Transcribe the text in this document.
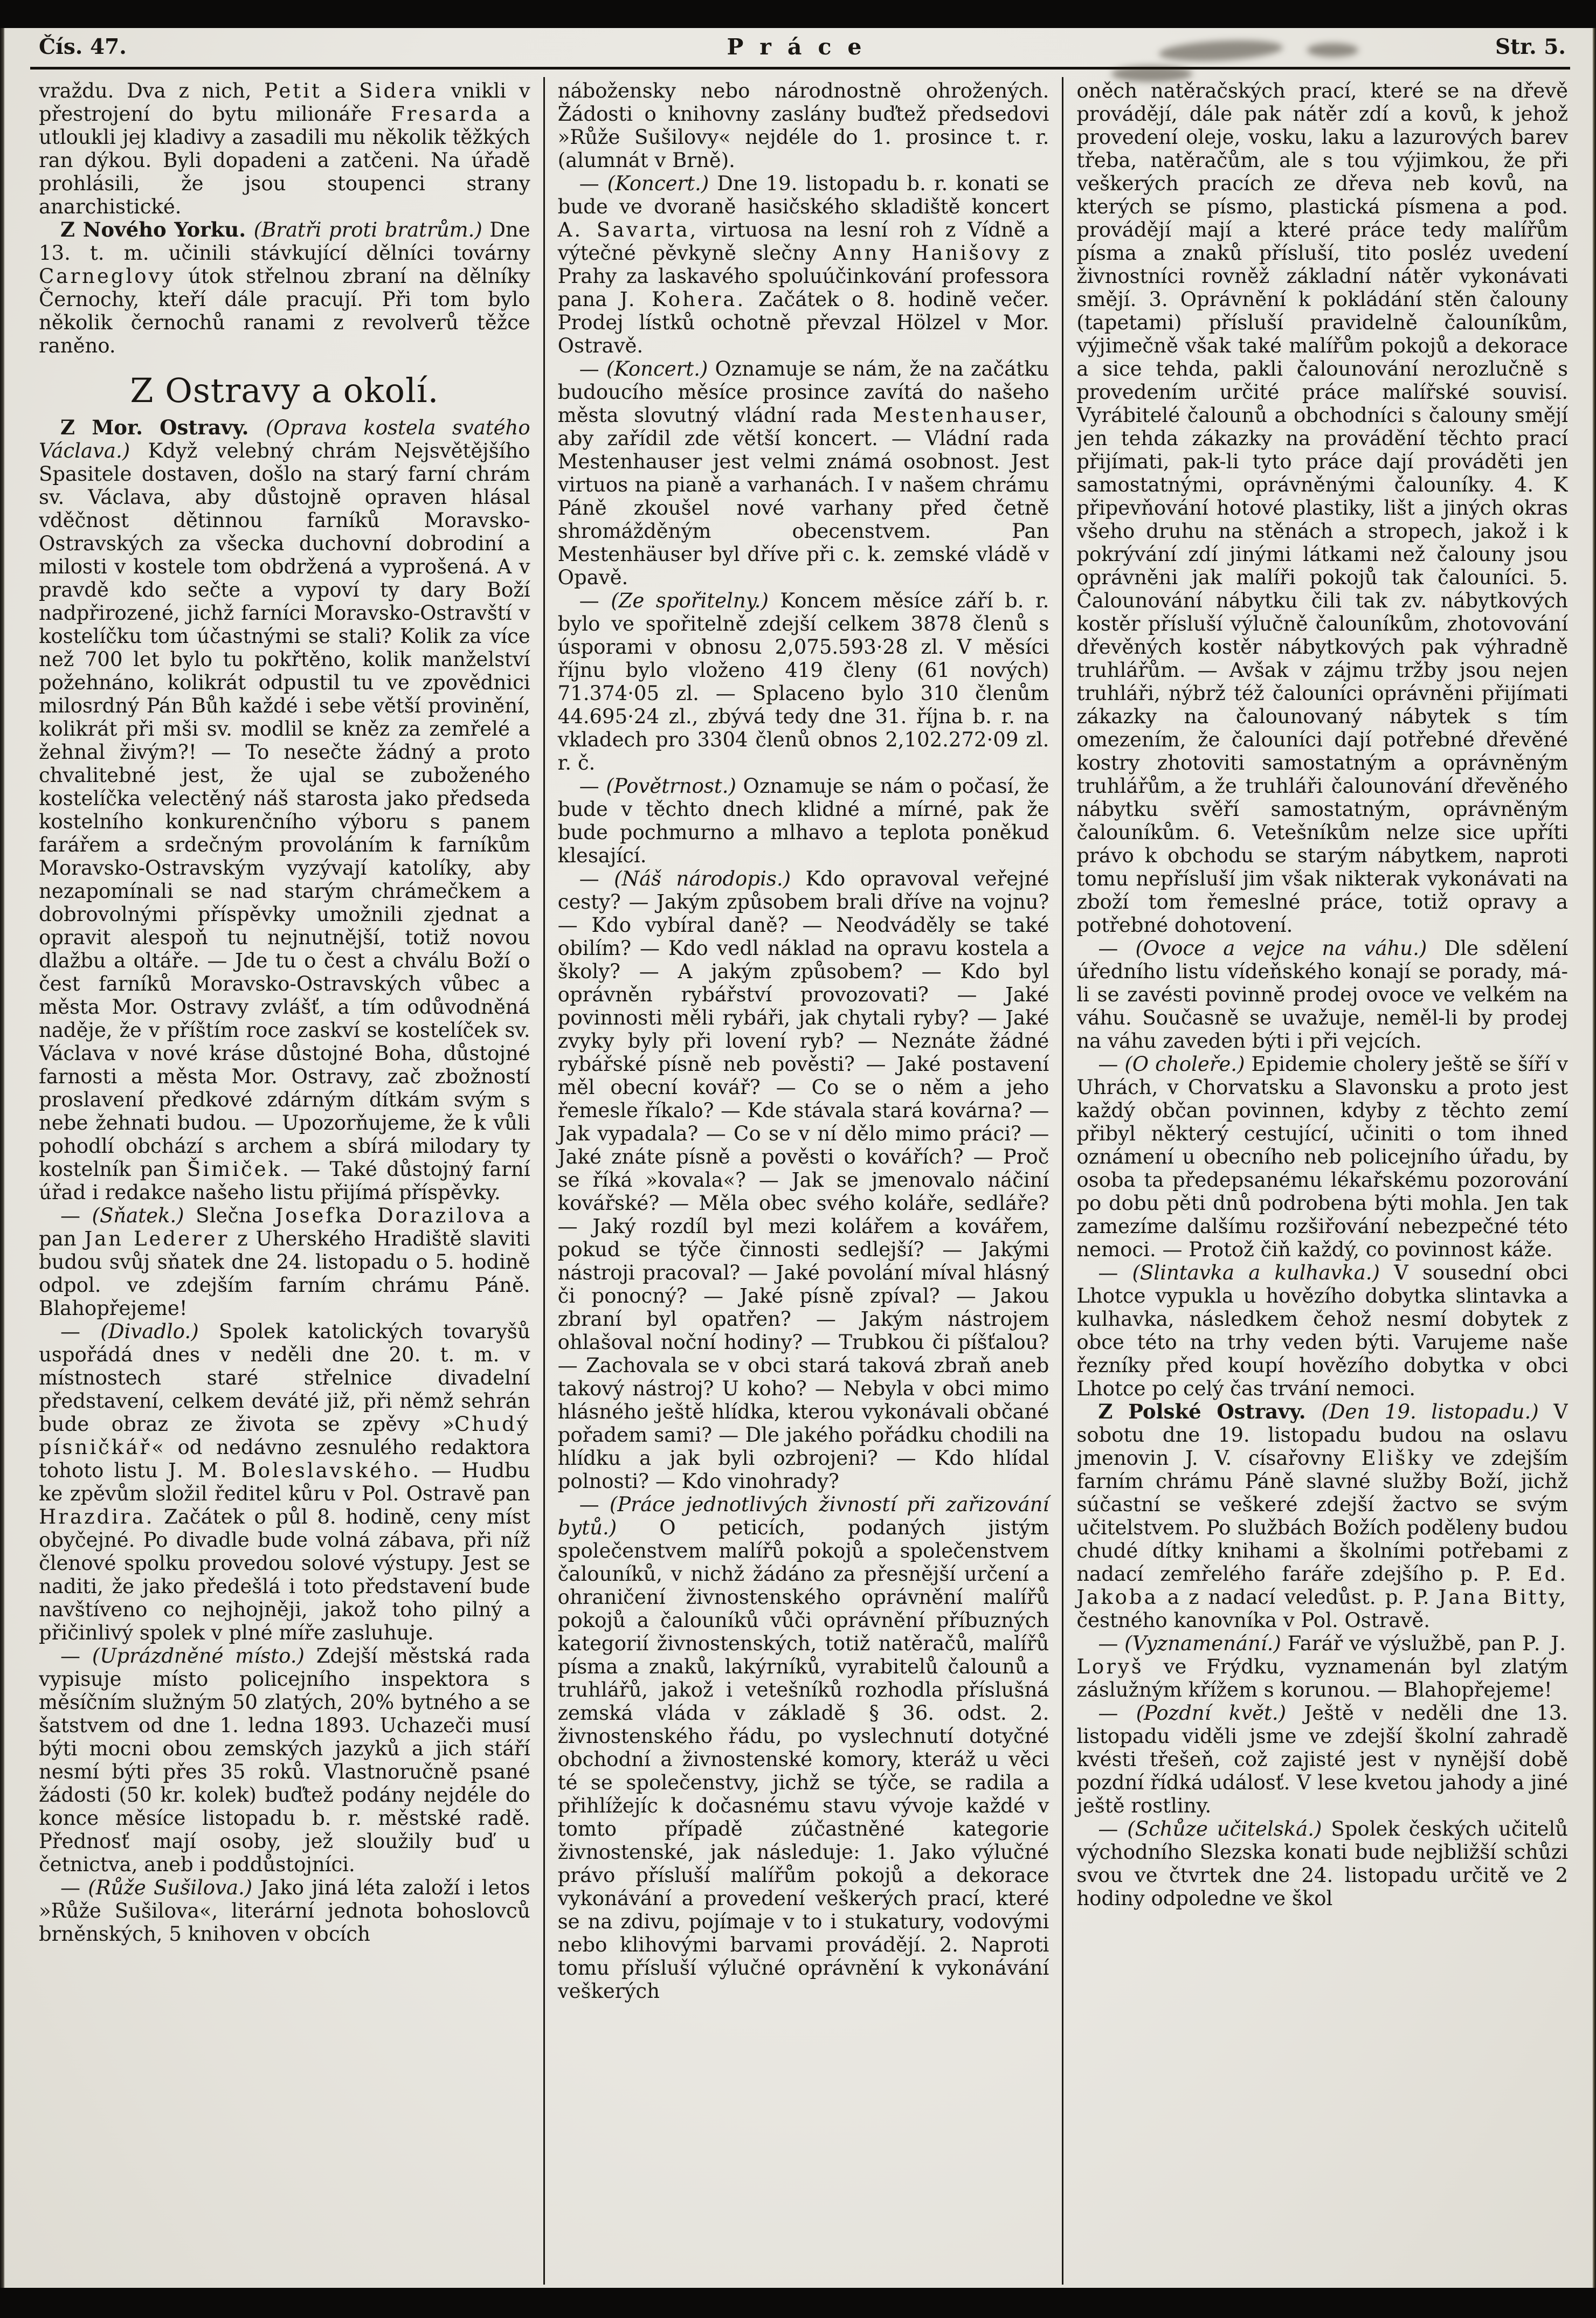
Čís. 47.	Práce	Str. 5.

vraždu. Dva z nich, Petit a Sidera vnikli v přestrojení do bytu milionáře Fresarda a utloukli jej kladivy a zasadili mu několik těžkých ran dýkou. Byli dopadeni a zatčeni. Na úřadě prohlásili, že jsou stoupenci strany anarchistické.

Z Nového Yorku. (Bratři proti bratrům.) Dne 13. t. m. učinili stávkující dělníci továrny Carneglovy útok střelnou zbraní na dělníky Černochy, kteří dále pracují. Při tom bylo několik černochů ranami z revolverů těžce raněno.

Z Ostravy a okolí.

Z Mor. Ostravy. (Oprava kostela svatého Václava.) Když velebný chrám Nejsvětějšího Spasitele dostaven, došlo na starý farní chrám sv. Václava, aby důstojně opraven hlásal vděčnost dětinnou farníků Moravsko-Ostravských za všecka duchovní dobrodiní a milosti v kostele tom obdržená a vyprošená. A v pravdě kdo sečte a vypoví ty dary Boží nadpřirozené, jichž farníci Moravsko-Ostravští v kostelíčku tom účastnými se stali? Kolik za více než 700 let bylo tu pokřtěno, kolik manželství požehnáno, kolikrát odpustil tu ve zpovědnici milosrdný Pán Bůh každé i sebe větší provinění, kolikrát při mši sv. modlil se kněz za zemřelé a žehnal živým?! — To nesečte žádný a proto chvalitebné jest, že ujal se zuboženého kostelíčka velectěný náš starosta jako předseda kostelního konkurenčního výboru s panem farářem a srdečným provoláním k farníkům Moravsko-Ostravským vyzývají katolíky, aby nezapomínali se nad starým chrámečkem a dobrovolnými příspěvky umožnili zjednat a opravit alespoň tu nejnutnější, totiž novou dlažbu a oltáře. — Jde tu o čest a chválu Boží o čest farníků Moravsko-Ostravských vůbec a města Mor. Ostravy zvlášť, a tím odůvodněná naděje, že v příštím roce zaskví se kostelíček sv. Václava v nové kráse důstojné Boha, důstojné farnosti a města Mor. Ostravy, zač zbožností proslavení předkové zdárným dítkám svým s nebe žehnati budou. — Upozorňujeme, že k vůli pohodlí obchází s archem a sbírá milodary ty kostelník pan Šimiček. — Také důstojný farní úřad i redakce našeho listu přijímá příspěvky.

— (Sňatek.) Slečna Josefka Dorazilova a pan Jan Lederer z Uherského Hradiště slaviti budou svůj sňatek dne 24. listopadu o 5. hodině odpol. ve zdejším farním chrámu Páně. Blahopřejeme!

— (Divadlo.) Spolek katolických tovaryšů uspořádá dnes v neděli dne 20. t. m. v místnostech staré střelnice divadelní představení, celkem deváté již, při němž sehrán bude obraz ze života se zpěvy »Chudý písničkář« od nedávno zesnulého redaktora tohoto listu J. M. Boleslavského. — Hudbu ke zpěvům složil ředitel kůru v Pol. Ostravě pan Hrazdira. Začátek o půl 8. hodině, ceny míst obyčejné. Po divadle bude volná zábava, při níž členové spolku provedou solové výstupy. Jest se naditi, že jako předešlá i toto představení bude navštíveno co nejhojněji, jakož toho pilný a přičinlivý spolek v plné míře zasluhuje.

— (Uprázdněné místo.) Zdejší městská rada vypisuje místo policejního inspektora s měsíčním služným 50 zlatých, 20% bytného a se šatstvem od dne 1. ledna 1893. Uchazeči musí býti mocni obou zemských jazyků a jich stáří nesmí býti přes 35 roků. Vlastnoručně psané žádosti (50 kr. kolek) buďtež podány nejdéle do konce měsíce listopadu b. r. městské radě. Přednosť mají osoby, jež sloužily buď u četnictva, aneb i poddůstojníci.

— (Růže Sušilova.) Jako jiná léta založí i letos »Růže Sušilova«, literární jednota bohoslovců brněnských, 5 knihoven v obcích

nábožensky nebo národnostně ohrožených. Žádosti o knihovny zaslány buďtež předsedovi »Růže Sušilovy« nejdéle do 1. prosince t. r. (alumnát v Brně).

— (Koncert.) Dne 19. listopadu b. r. konati se bude ve dvoraně hasičského skladiště koncert A. Savarta, virtuosa na lesní roh z Vídně a výtečné pěvkyně slečny Anny Hanišovy z Prahy za laskavého spoluúčinkování professora pana J. Kohera. Začátek o 8. hodině večer. Prodej lístků ochotně převzal Hölzel v Mor. Ostravě.

— (Koncert.) Oznamuje se nám, že na začátku budoucího měsíce prosince zavítá do našeho města slovutný vládní rada Mestenhauser, aby zařídil zde větší koncert. — Vládní rada Mestenhauser jest velmi známá osobnost. Jest virtuos na pianě a varhanách. I v našem chrámu Páně zkoušel nové varhany před četně shromážděným obecenstvem. Pan Mestenhäuser byl dříve při c. k. zemské vládě v Opavě.

— (Ze spořitelny.) Koncem měsíce září b. r. bylo ve spořitelně zdejší celkem 3878 členů s úsporami v obnosu 2,075.593·28 zl. V měsíci říjnu bylo vloženo 419 členy (61 nových) 71.374·05 zl. — Splaceno bylo 310 členům 44.695·24 zl., zbývá tedy dne 31. října b. r. na vkladech pro 3304 členů obnos 2,102.272·09 zl. r. č.

— (Povětrnost.) Oznamuje se nám o počasí, že bude v těchto dnech klidné a mírné, pak že bude pochmurno a mlhavo a teplota poněkud klesající.

— (Náš národopis.) Kdo opravoval veřejné cesty? — Jakým způsobem brali dříve na vojnu? — Kdo vybíral daně? — Neodváděly se také obilím? — Kdo vedl náklad na opravu kostela a školy? — A jakým způsobem? — Kdo byl oprávněn rybářství provozovati? — Jaké povinnosti měli rybáři, jak chytali ryby? — Jaké zvyky byly při lovení ryb? — Neznáte žádné rybářské písně neb pověsti? — Jaké postavení měl obecní kovář? — Co se o něm a jeho řemesle říkalo? — Kde stávala stará kovárna? — Jak vypadala? — Co se v ní dělo mimo práci? — Jaké znáte písně a pověsti o kovářích? — Proč se říká »kovala«? — Jak se jmenovalo náčiní kovářské? — Měla obec svého koláře, sedláře? — Jaký rozdíl byl mezi kolářem a kovářem, pokud se týče činnosti sedlejší? — Jakými nástroji pracoval? — Jaké povolání míval hlásný či ponocný? — Jaké písně zpíval? — Jakou zbraní byl opatřen? — Jakým nástrojem ohlašoval noční hodiny? — Trubkou či píšťalou? — Zachovala se v obci stará taková zbraň aneb takový nástroj? U koho? — Nebyla v obci mimo hlásného ještě hlídka, kterou vykonávali občané pořadem sami? — Dle jakého pořádku chodili na hlídku a jak byli ozbrojeni? — Kdo hlídal polnosti? — Kdo vinohrady?

— (Práce jednotlivých živností při zařizování bytů.) O peticích, podaných jistým společenstvem malířů pokojů a společenstvem čalouníků, v nichž žádáno za přesnější určení a ohraničení živnostenského oprávnění malířů pokojů a čalouníků vůči oprávnění příbuzných kategorií živnostenských, totiž natěračů, malířů písma a znaků, lakýrníků, vyrabitelů čalounů a truhlářů, jakož i vetešníků rozhodla příslušná zemská vláda v základě § 36. odst. 2. živnostenského řádu, po vyslechnutí dotyčné obchodní a živnostenské komory, kteráž u věci té se společenstvy, jichž se týče, se radila a přihlížejíc k dočasnému stavu vývoje každé v tomto případě zúčastněné kategorie živnostenské, jak následuje: 1. Jako výlučné právo přísluší malířům pokojů a dekorace vykonávání a provedení veškerých prací, které se na zdivu, pojímaje v to i stukatury, vodovými nebo klihovými barvami provádějí. 2. Naproti tomu přísluší výlučné oprávnění k vykonávání veškerých

oněch natěračských prací, které se na dřevě provádějí, dále pak nátěr zdí a kovů, k jehož provedení oleje, vosku, laku a lazurových barev třeba, natěračům, ale s tou výjimkou, že při veškerých pracích ze dřeva neb kovů, na kterých se písmo, plastická písmena a pod. provádějí mají a které práce tedy malířům písma a znaků přísluší, tito posléz uvedení živnostníci rovněž základní nátěr vykonávati smějí. 3. Oprávnění k pokládání stěn čalouny (tapetami) přísluší pravidelně čalouníkům, výjimečně však také malířům pokojů a dekorace a sice tehda, pakli čalounování nerozlučně s provedením určité práce malířské souvisí. Vyrábitelé čalounů a obchodníci s čalouny smějí jen tehda zákazky na provádění těchto prací přijímati, pak-li tyto práce dají prováděti jen samostatnými, oprávněnými čalouníky. 4. K připevňování hotové plastiky, lišt a jiných okras všeho druhu na stěnách a stropech, jakož i k pokrývání zdí jinými látkami než čalouny jsou oprávněni jak malíři pokojů tak čalouníci. 5. Čalounování nábytku čili tak zv. nábytkových kostěr přísluší výlučně čalouníkům, zhotovování dřevěných kostěr nábytkových pak výhradně truhlářům. — Avšak v zájmu tržby jsou nejen truhláři, nýbrž též čalouníci oprávněni přijímati zákazky na čalounovaný nábytek s tím omezením, že čalouníci dají potřebné dřevěné kostry zhotoviti samostatným a oprávněným truhlářům, a že truhláři čalounování dřevěného nábytku svěří samostatným, oprávněným čalouníkům. 6. Vetešníkům nelze sice upříti právo k obchodu se starým nábytkem, naproti tomu nepřísluší jim však nikterak vykonávati na zboží tom řemeslné práce, totiž opravy a potřebné dohotovení.

— (Ovoce a vejce na váhu.) Dle sdělení úředního listu vídeňského konají se porady, má-li se zavésti povinně prodej ovoce ve velkém na váhu. Současně se uvažuje, neměl-li by prodej na váhu zaveden býti i při vejcích.

— (O choleře.) Epidemie cholery ještě se šíří v Uhrách, v Chorvatsku a Slavonsku a proto jest každý občan povinnen, kdyby z těchto zemí přibyl některý cestující, učiniti o tom ihned oznámení u obecního neb policejního úřadu, by osoba ta předepsanému lékařskému pozorování po dobu pěti dnů podrobena býti mohla. Jen tak zamezíme dalšímu rozšiřování nebezpečné této nemoci. — Protož čiň každý, co povinnost káže.

— (Slintavka a kulhavka.) V sousední obci Lhotce vypukla u hovězího dobytka slintavka a kulhavka, následkem čehož nesmí dobytek z obce této na trhy veden býti. Varujeme naše řezníky před koupí hovězího dobytka v obci Lhotce po celý čas trvání nemoci.

Z Polské Ostravy. (Den 19. listopadu.) V sobotu dne 19. listopadu budou na oslavu jmenovin J. V. císařovny Elišky ve zdejším farním chrámu Páně slavné služby Boží, jichž súčastní se veškeré zdejší žactvo se svým učitelstvem. Po službách Božích poděleny budou chudé dítky knihami a školními potřebami z nadací zemřelého faráře zdejšího p. P. Ed. Jakoba a z nadací veledůst. p. P. Jana Bitty, čestného kanovníka v Pol. Ostravě.

— (Vyznamenání.) Farář ve výslužbě, pan P. J. Loryš ve Frýdku, vyznamenán byl zlatým záslužným křížem s korunou. — Blahopřejeme!

— (Pozdní květ.) Ještě v neděli dne 13. listopadu viděli jsme ve zdejší školní zahradě kvésti třešeň, což zajisté jest v nynější době pozdní řídká událosť. V lese kvetou jahody a jiné ještě rostliny.

— (Schůze učitelská.) Spolek českých učitelů východního Slezska konati bude nejbližší schůzi svou ve čtvrtek dne 24. listopadu určitě ve 2 hodiny odpoledne ve škol
